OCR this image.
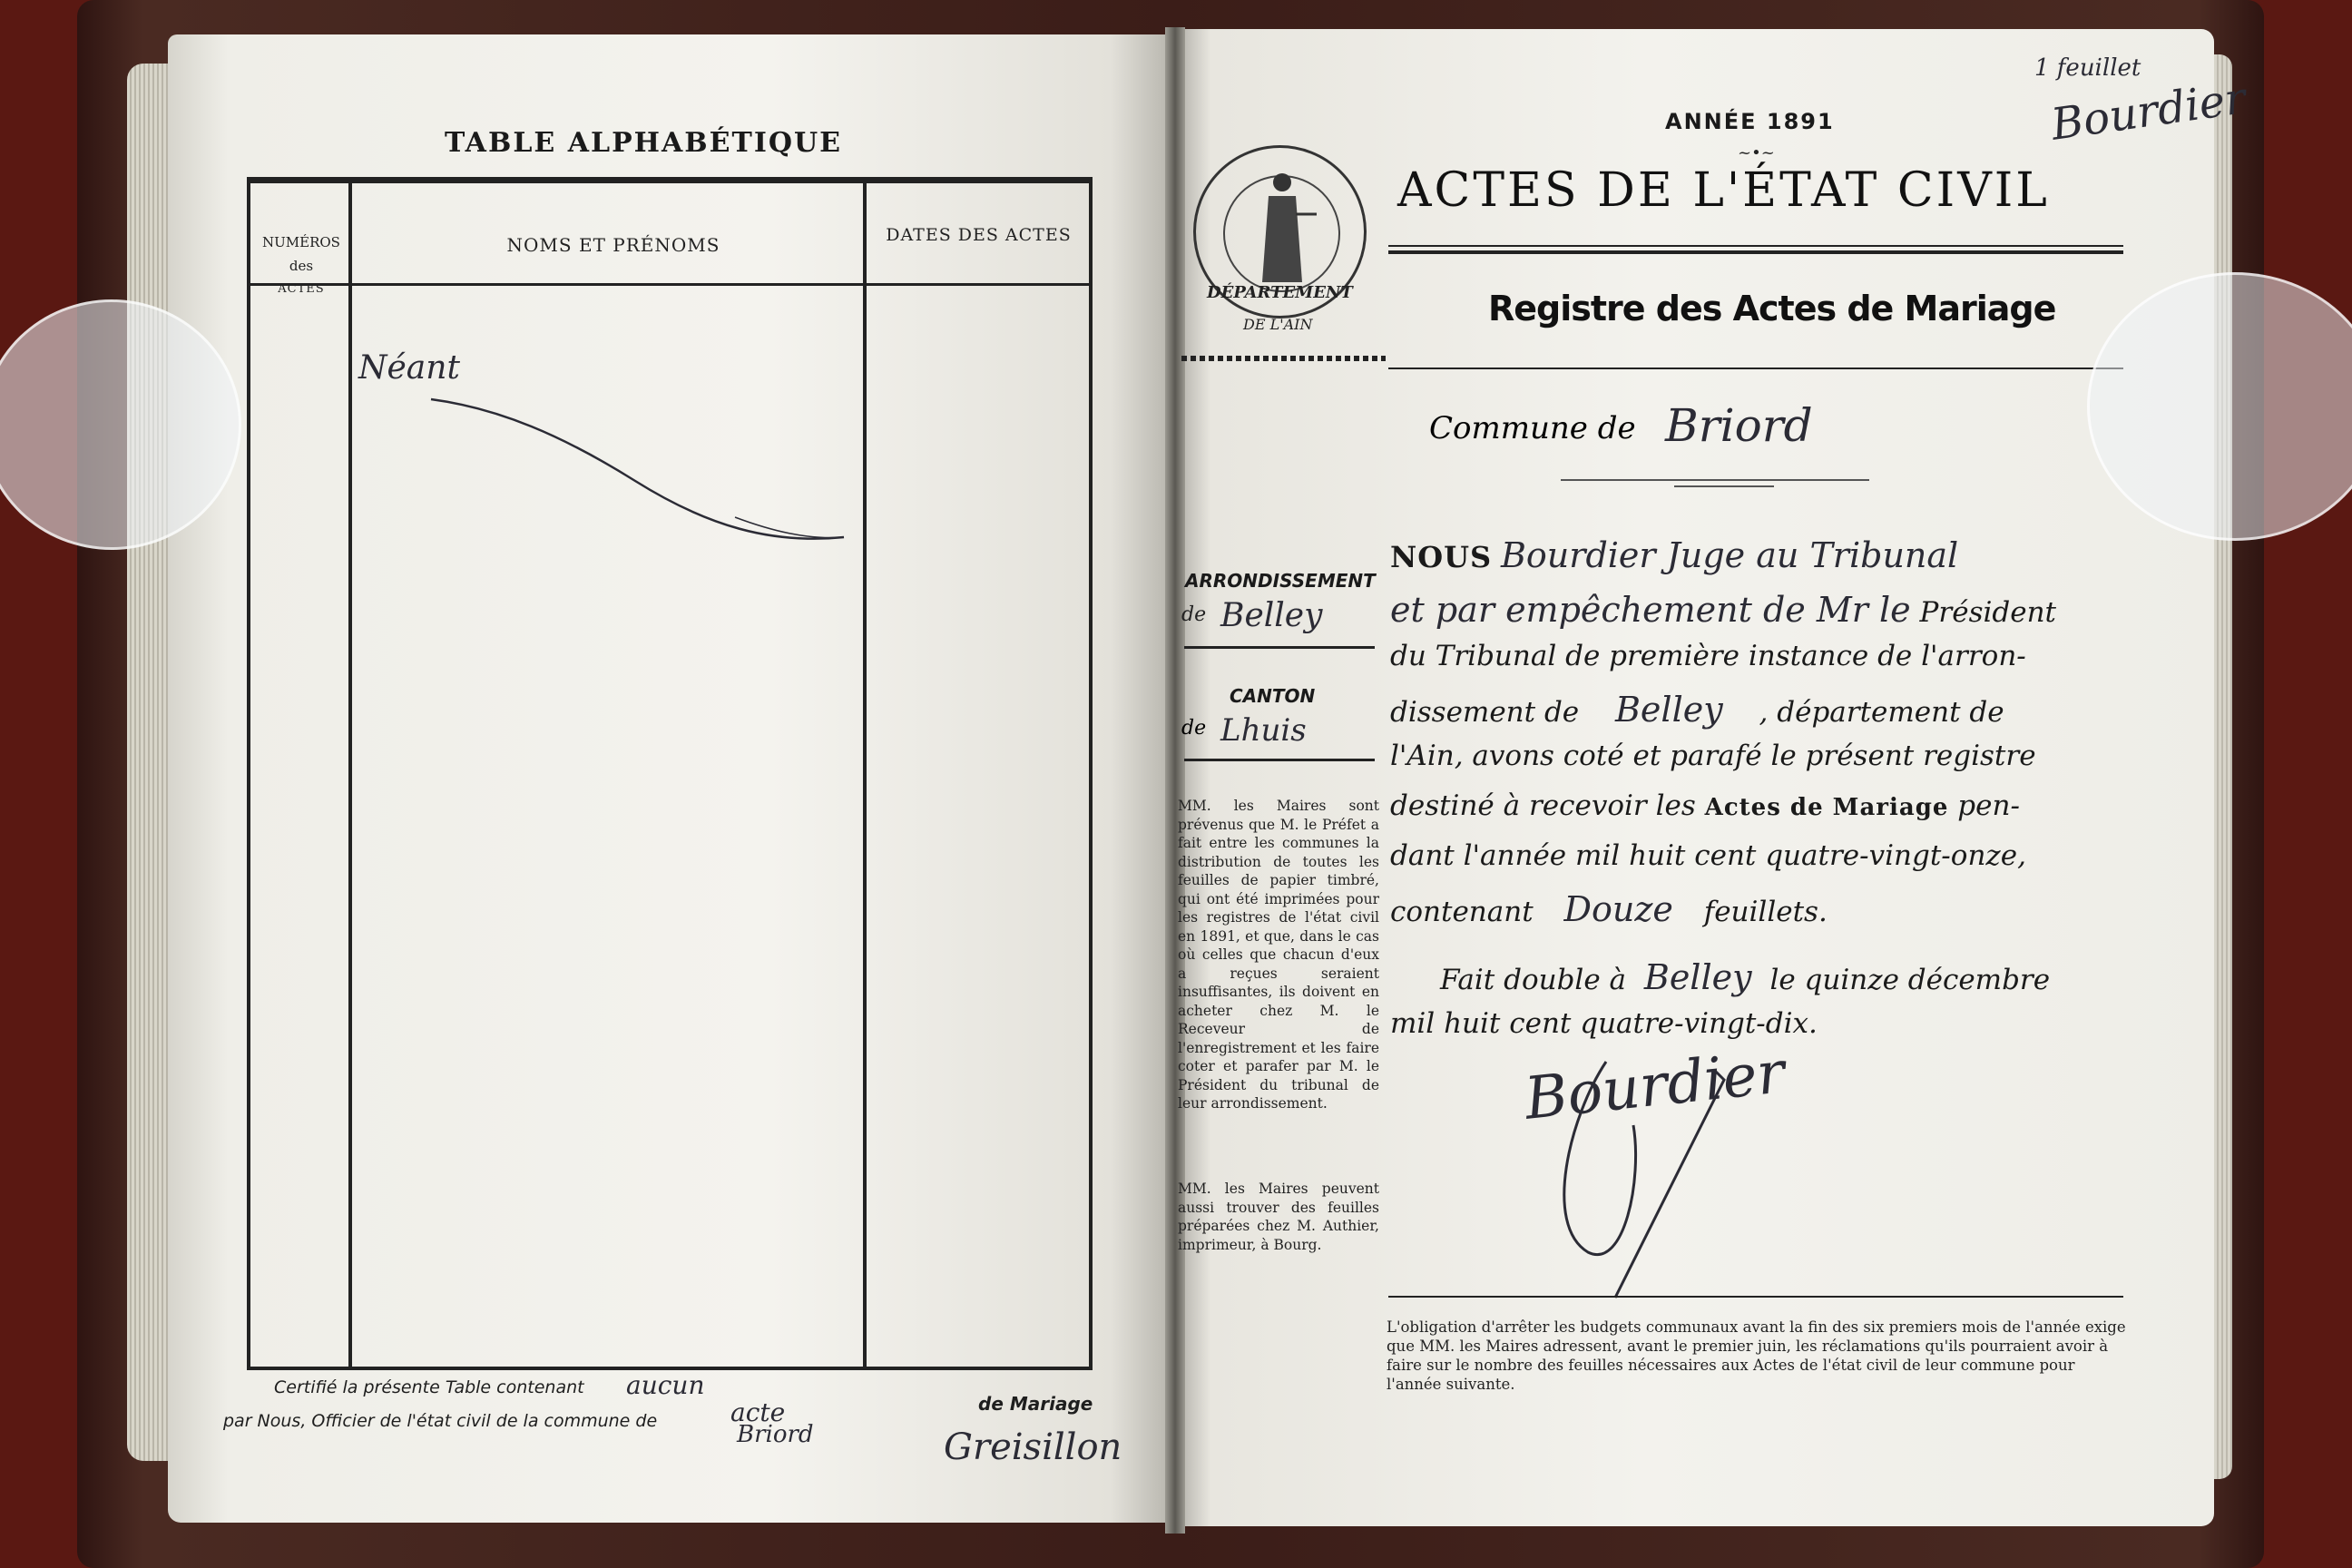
TABLE ALPHABÉTIQUE
NUMÉROS
des
ACTES
NOMS ET PRÉNOMS	DATES DES ACTES
Néant
Certifié la présente Table contenant aucun
acte
par Nous, Officier de l'état civil de la commune de	Briord
de Mariage
Greisillon
1 feuillet
Bourdier
DÉPARTEMENT
DE L'AIN
ANNÉE 1891
~•~
ACTES DE L'ÉTAT CIVIL
Registre des Actes de Mariage
Commune de Briord
ARRONDISSEMENT
de Belley
CANTON
de Lhuis
MM. les Maires sont prévenus que M. le Préfet a fait entre les communes la distribution de toutes les feuilles de papier timbré, qui ont été imprimées pour les registres de l'état civil en 1891, et que, dans le cas où celles que chacun d'eux a reçues seraient insuffisantes, ils doivent en acheter chez M. le Receveur de l'enregistrement et les faire coter et parafer par M. le Président du tribunal de leur arrondissement.
MM. les Maires peuvent aussi trouver des feuilles préparées chez M. Authier, imprimeur, à Bourg.
NOUS Bourdier Juge au Tribunal
et par empêchement de Mr le Président
du Tribunal de première instance de l'arron-
dissement de Belley , département de
l'Ain, avons coté et parafé le présent registre
destiné à recevoir les Actes de Mariage pen-
dant l'année mil huit cent quatre-vingt-onze,
contenant Douze feuillets.
Fait double à Belley le quinze décembre
mil huit cent quatre-vingt-dix.
Bourdier
L'obligation d'arrêter les budgets communaux avant la fin des six premiers mois de l'année exige que MM. les Maires adressent, avant le premier juin, les réclamations qu'ils pourraient avoir à faire sur le nombre des feuilles nécessaires aux Actes de l'état civil de leur commune pour l'année suivante.
